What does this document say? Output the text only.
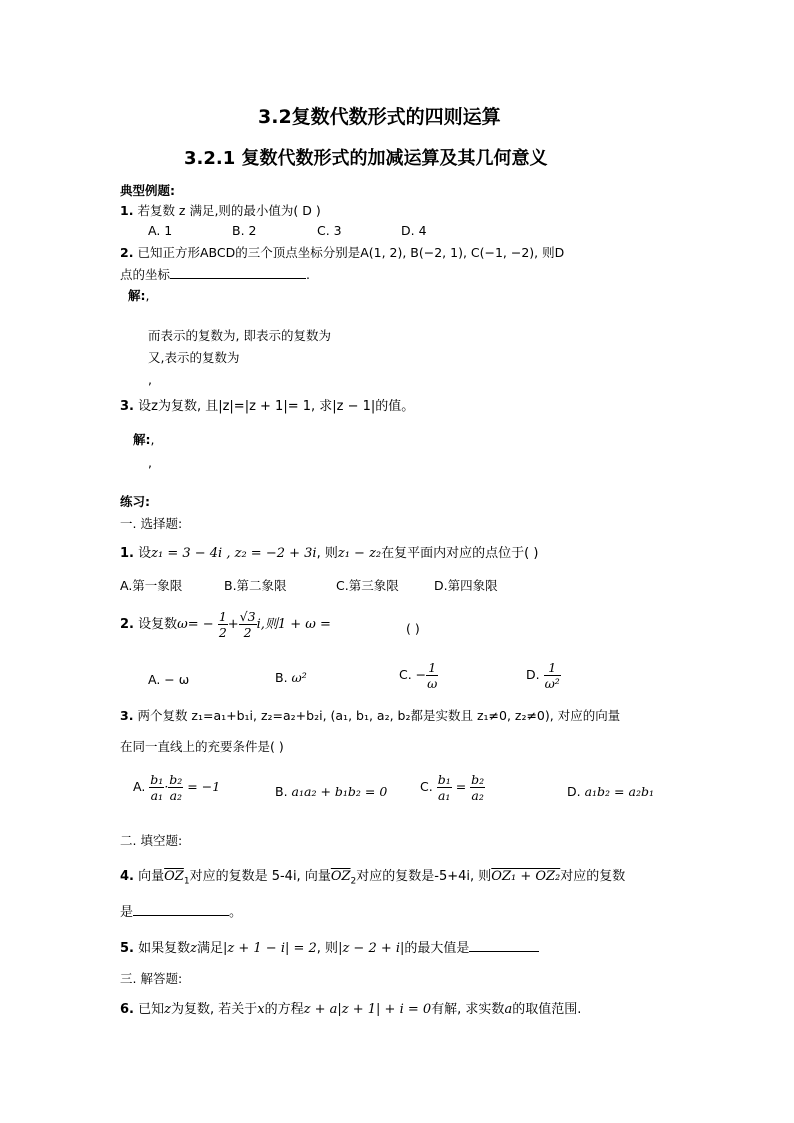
3.2复数代数形式的四则运算
3.2.1 复数代数形式的加减运算及其几何意义
典型例题:
1. 若复数 z 满足,则的最小值为( D )
A. 1	B. 2	C. 3	D. 4
2. 已知正方形ABCD的三个顶点坐标分别是A(1, 2), B(−2, 1), C(−1, −2), 则D
点的坐标	.
解:,
而表示的复数为, 即表示的复数为
又,表示的复数为
,
3. 设z为复数, 且|z|=|z + 1|= 1, 求|z − 1|的值。
解:,
,
练习:
一. 选择题:
1. 设z₁ = 3 − 4i , z₂ = −2 + 3i, 则z₁ − z₂在复平面内对应的点位于( )
A.第一象限	B.第二象限	C.第三象限	D.第四象限
2. 设复数$\omega= - \frac{1}{2} + \frac{√3}{2} i$,则1 + ω =	( )
A. − ω	B. ω²	C. − $\frac{1}{\omega}$	D. $\frac{1}{\text{ω²}}$
3. 两个复数 z₁=a₁+b₁i, z₂=a₂+b₂i, (a₁, b₁, a₂, b₂都是实数且 z₁≠0, z₂≠0), 对应的向量
在同一直线上的充要条件是( )
A. $\frac{\text{b₁}}{\text{a₁}} \cdot \frac{\text{b₂}}{\text{a₂}} = -1$	B. a₁a₂ + b₁b₂ = 0	C. $\frac{\text{b₁}}{\text{a₁}} = \frac{\text{b₂}}{\text{a₂}}$	D. a₁b₂ = a₂b₁
二. 填空题:
4. 向量$\overline{OZ}_1$对应的复数是 5-4i, 向量$\overline{OZ}_2$对应的复数是-5+4i, 则OZ₁ + OZ₂对应的复数
是	。
5. 如果复数z满足|z + 1 − i| = 2, 则|z − 2 + i|的最大值是
三. 解答题:
6. 已知z为复数, 若关于x的方程z + a|z + 1| + i = 0有解, 求实数a的取值范围.
